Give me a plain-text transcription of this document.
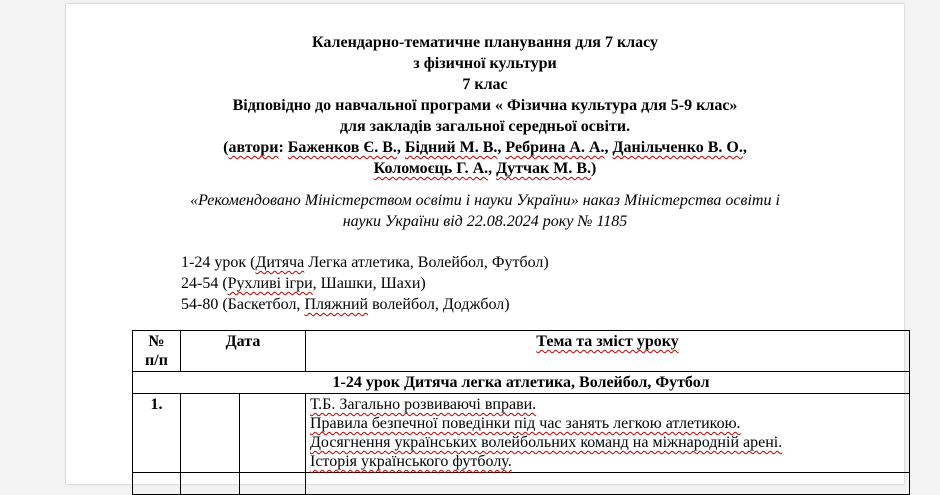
Календарно-тематичне планування для 7 класу
з фізичної культури
7 клас
Відповідно до навчальної програми « Фізична культура для 5-9 клас»
для закладів загальної середньої освіти.
(автори: Баженков Є. В., Бідний М. В., Ребрина А. А., Данільченко В. О.,
Коломоєць Г. А., Дутчак М. В.)
«Рекомендовано Міністерством освіти і науки України» наказ Міністерства освіти і
науки України від 22.08.2024 року № 1185
1-24 урок (Дитяча Легка атлетика, Волейбол, Футбол)
24-54 (Рухливі ігри, Шашки, Шахи)
54-80 (Баскетбол, Пляжний волейбол, Доджбол)
№
п/п	Дата		Тема та зміст уроку
1-24 урок Дитяча легка атлетика, Волейбол, Футбол			
1.			Т.Б. Загально розвиваючі вправи.
Правила безпечної поведінки під час занять легкою атлетикою.
Досягнення українських волейбольних команд на міжнародній арені.
Історія українського футболу.
